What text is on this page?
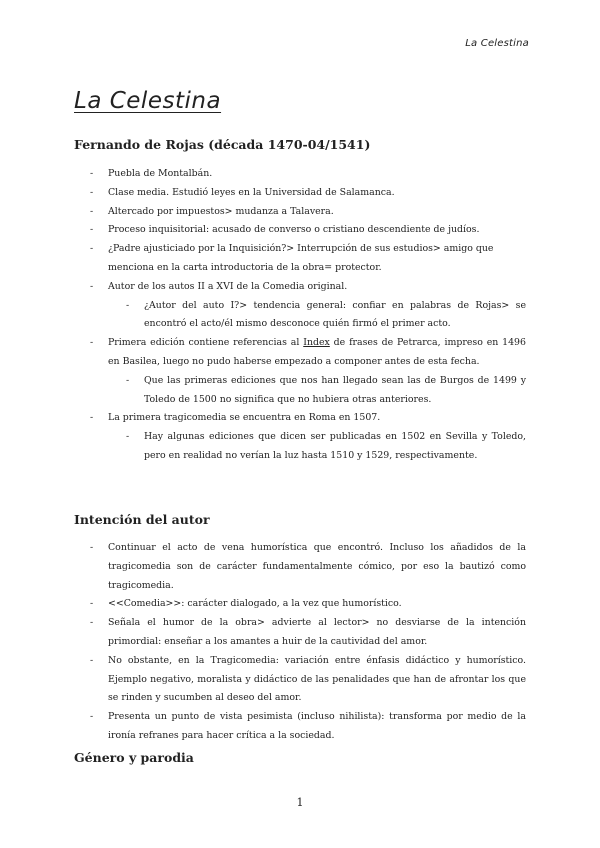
La Celestina
La Celestina
Fernando de Rojas (década 1470-04/1541)
- Puebla de Montalbán.
- Clase media. Estudió leyes en la Universidad de Salamanca.
- Altercado por impuestos> mudanza a Talavera.
- Proceso inquisitorial: acusado de converso o cristiano descendiente de judíos.
- ¿Padre ajusticiado por la Inquisición?> Interrupción de sus estudios> amigo que menciona en la carta introductoria de la obra= protector.
- Autor de los autos II a XVI de la Comedia original.
- ¿Autor del auto I?> tendencia general: confiar en palabras de Rojas> se encontró el acto/él mismo desconoce quién firmó el primer acto.
- Primera edición contiene referencias al Index de frases de Petrarca, impreso en 1496 en Basilea, luego no pudo haberse empezado a componer antes de esta fecha.
- Que las primeras ediciones que nos han llegado sean las de Burgos de 1499 y Toledo de 1500 no significa que no hubiera otras anteriores.
- La primera tragicomedia se encuentra en Roma en 1507.
- Hay algunas ediciones que dicen ser publicadas en 1502 en Sevilla y Toledo, pero en realidad no verían la luz hasta 1510 y 1529, respectivamente.
Intención del autor
- Continuar el acto de vena humorística que encontró. Incluso los añadidos de la tragicomedia son de carácter fundamentalmente cómico, por eso la bautizó como tragicomedia.
- <<Comedia>>: carácter dialogado, a la vez que humorístico.
- Señala el humor de la obra> advierte al lector> no desviarse de la intención primordial: enseñar a los amantes a huir de la cautividad del amor.
- No obstante, en la Tragicomedia: variación entre énfasis didáctico y humorístico. Ejemplo negativo, moralista y didáctico de las penalidades que han de afrontar los que se rinden y sucumben al deseo del amor.
- Presenta un punto de vista pesimista (incluso nihilista): transforma por medio de la ironía refranes para hacer crítica a la sociedad.
Género y parodia
1
